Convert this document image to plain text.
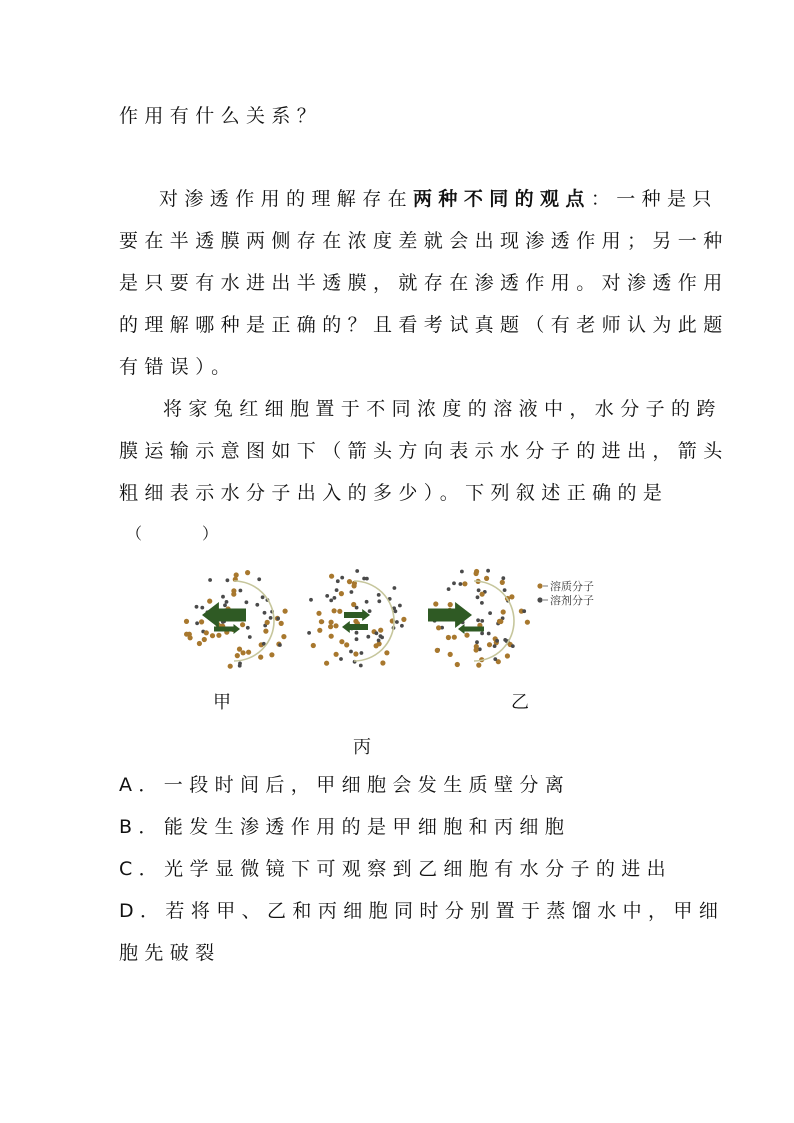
作用有什么关系？
对渗透作用的理解存在两种不同的观点：一种是只
要在半透膜两侧存在浓度差就会出现渗透作用；另一种
是只要有水进出半透膜，就存在渗透作用。对渗透作用
的理解哪种是正确的？且看考试真题（有老师认为此题
有错误）。
将家兔红细胞置于不同浓度的溶液中，水分子的跨
膜运输示意图如下（箭头方向表示水分子的进出，箭头
粗细表示水分子出入的多少）。下列叙述正确的是
（　　　）
溶质分子
溶剂分子
甲	乙
丙
A．一段时间后，甲细胞会发生质壁分离
B．能发生渗透作用的是甲细胞和丙细胞
C．光学显微镜下可观察到乙细胞有水分子的进出
D．若将甲、乙和丙细胞同时分别置于蒸馏水中，甲细
胞先破裂
